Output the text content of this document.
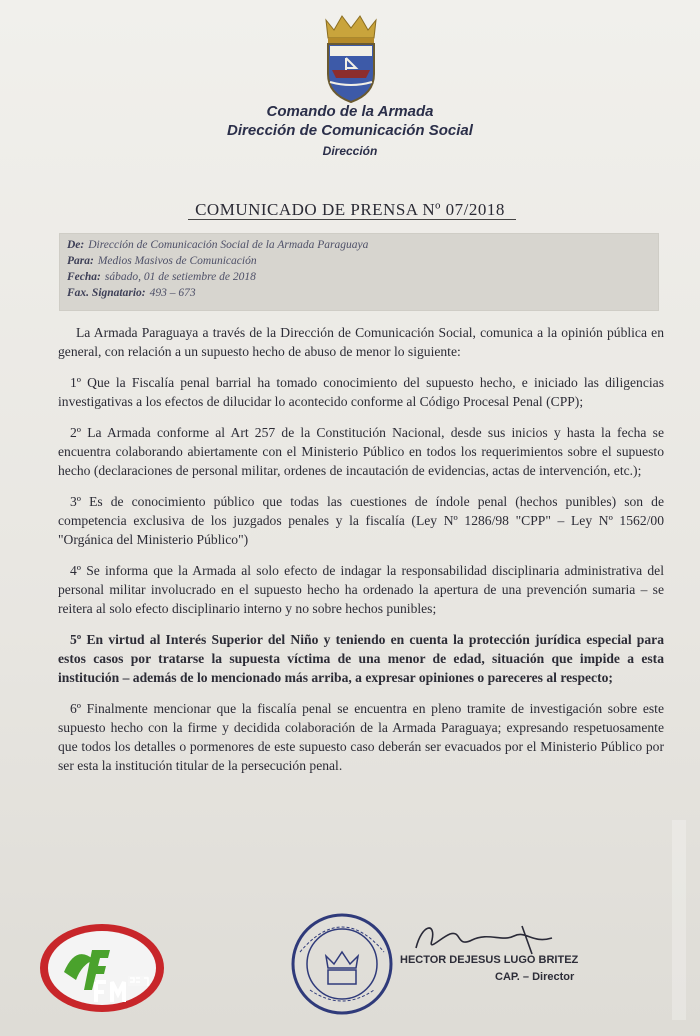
Comando de la Armada
Dirección de Comunicación Social
Dirección
COMUNICADO DE PRENSA Nº 07/2018
De: Dirección de Comunicación Social de la Armada Paraguaya
Para: Medios Masivos de Comunicación
Fecha: sábado, 01 de setiembre de 2018
Fax. Signatario: 493 – 673

La Armada Paraguaya a través de la Dirección de Comunicación Social, comunica a la opinión pública en general, con relación a un supuesto hecho de abuso de menor lo siguiente:

1º Que la Fiscalía penal barrial ha tomado conocimiento del supuesto hecho, e iniciado las diligencias investigativas a los efectos de dilucidar lo acontecido conforme al Código Procesal Penal (CPP);

2º La Armada conforme al Art 257 de la Constitución Nacional, desde sus inicios y hasta la fecha se encuentra colaborando abiertamente con el Ministerio Público en todos los requerimientos sobre el supuesto hecho (declaraciones de personal militar, ordenes de incautación de evidencias, actas de intervención, etc.);

3º Es de conocimiento público que todas las cuestiones de índole penal (hechos punibles) son de competencia exclusiva de los juzgados penales y la fiscalía (Ley Nº 1286/98 "CPP" – Ley Nº 1562/00 "Orgánica del Ministerio Público")

4º Se informa que la Armada al solo efecto de indagar la responsabilidad disciplinaria administrativa del personal militar involucrado en el supuesto hecho ha ordenado la apertura de una prevención sumaria – se reitera al solo efecto disciplinario interno y no sobre hechos punibles;

5º En virtud al Interés Superior del Niño y teniendo en cuenta la protección jurídica especial para estos casos por tratarse la supuesta víctima de una menor de edad, situación que impide a esta institución – además de lo mencionado más arriba, a expresar opiniones o pareceres al respecto;

6º Finalmente mencionar que la fiscalía penal se encuentra en pleno tramite de investigación sobre este supuesto hecho con la firme y decidida colaboración de la Armada Paraguaya; expresando respetuosamente que todos los detalles o pormenores de este supuesto caso deberán ser evacuados por el Ministerio Público por ser esta la institución titular de la persecución penal.

HECTOR DEJESUS LUGO BRITEZ
CAP. – Director
